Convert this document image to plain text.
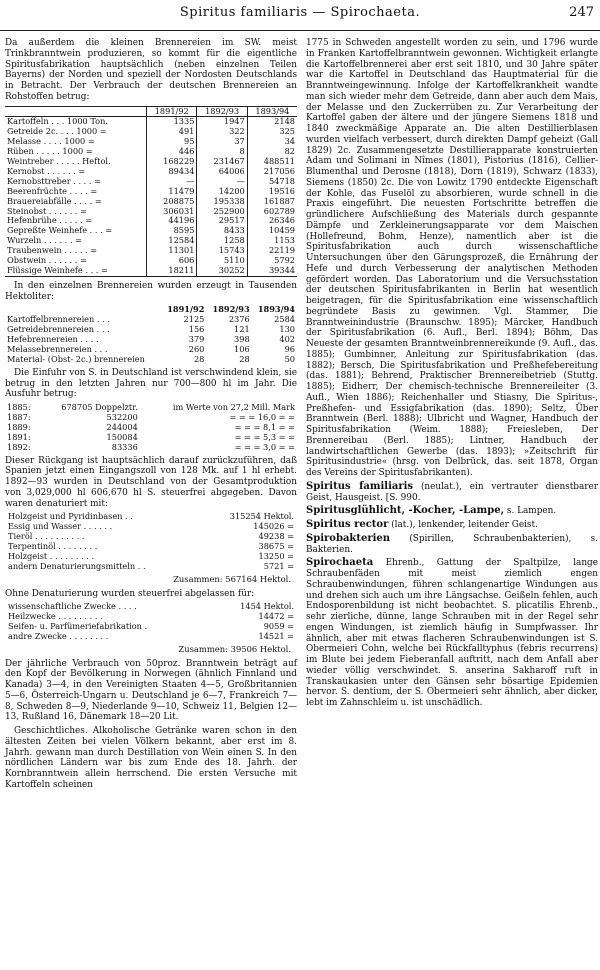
Spiritus familiaris — Spirochaeta.	247

Da außerdem die kleinen Brennereien im SW. meist Trinkbranntwein produzieren, so kommt für die eigentliche Spiritusfabrikation hauptsächlich (neben einzelnen Teilen Bayerns) der Norden und speziell der Nordosten Deutschlands in Betracht. Der Verbrauch der deutschen Brennereien an Rohstoffen betrug:

	1891/92	1892/93	1893/94
Kartoffeln . . . 1000 Ton.	1335	1947	2148
Getreide 2c. . . . 1000 =	491	322	325
Melasse . . . . 1000 =	95	37	34
Rüben . . . . . 1000 =	446	8	82
Weintreber . . . . . Heftol.	168229	231467	488511
Kernobst . . . . . . =	89434	64006	217056
Kernobsttreber . . . . =	—	—	54718
Beerenfrüchte . . . . =	11479	14200	19516
Brauereiabfälle . . . . =	208875	195338	161887
Steinobst . . . . . . =	306031	252900	602789
Hefenbrühe . . . . . =	44196	29517	26346
Gepreßte Weinhefe . . . =	8595	8433	10459
Wurzeln . . . . . . =	12584	1258	1153
Traubenwein . . . . . =	11301	15743	22119
Obstwein . . . . . . =	606	5110	5792
Flüssige Weinhefe . . . =	18211	30252	39344

In den einzelnen Brennereien wurden erzeugt in Tausenden Hektoliter:

	1891/92	1892/93	1893/94
Kartoffelbrennereien . . .	2125	2376	2584
Getreidebrennereien . . .	156	121	130
Hefebrennereien . . . .	379	398	402
Melassebrennereien . . .	260	106	96
Material- (Obst- 2c.) brennereien	28	28	50

Die Einfuhr von S. in Deutschland ist verschwindend klein, sie betrug in den letzten Jahren nur 700—800 hl im Jahr. Die Ausfuhr betrug:

1885:	678705 Doppelztr.	im Werte von 27,2 Mill. Mark
1887:	532200	= = = 16,0 = =
1889:	244004	= = = 8,1 = =
1891:	150084	= = = 5,3 = =
1892:	83336	= = = 3,0 = =

Dieser Rückgang ist hauptsächlich darauf zurückzuführen, daß Spanien jetzt einen Eingangszoll von 128 Mk. auf 1 hl erhebt. 1892—93 wurden in Deutschland von der Gesamtproduktion von 3,029,000 hl 606,670 hl S. steuerfrei abgegeben. Davon waren denaturiert mit:

Holzgeist und Pyridinbasen . .	315254 Hektol.
Essig und Wasser . . . . . .	145026 =
Tieröl . . . . . . . . . .	49238 =
Terpentinöl . . . . . . . .	38675 =
Holzgeist . . . . . . . . .	13250 =
andern Denaturierungsmitteln . .	5721 =
Zusammen: 567164 Hektol.

Ohne Denaturierung wurden steuerfrei abgelassen für:

wissenschaftliche Zwecke . . . .	1454 Hektol.
Heilzwecke . . . . . . . . .	14472 =
Seifen- u. Parfümeriefabrikation .	9059 =
andre Zwecke . . . . . . . .	14521 =
Zusammen: 39506 Hektol.

Der jährliche Verbrauch von 50proz. Branntwein beträgt auf den Kopf der Bevölkerung in Norwegen (ähnlich Finnland und Kanada) 3—4, in den Vereinigten Staaten 4—5, Großbritannien 5—6, Österreich-Ungarn u. Deutschland je 6—7, Frankreich 7—8, Schweden 8—9, Niederlande 9—10, Schweiz 11, Belgien 12—13, Rußland 16, Dänemark 18—20 Lit.

Geschichtliches. Alkoholische Getränke waren schon in den ältesten Zeiten bei vielen Völkern bekannt, aber erst im 8. Jahrh. gewann man durch Destillation von Wein einen S. In den nördlichen Ländern war bis zum Ende des 18. Jahrh. der Kornbranntwein allein herrschend. Die ersten Versuche mit Kartoffeln scheinen

1775 in Schweden angestellt worden zu sein, und 1796 wurde in Franken Kartoffelbranntwein gewonnen. Wichtigkeit erlangte die Kartoffelbrennerei aber erst seit 1810, und 30 Jahre später war die Kartoffel in Deutschland das Hauptmaterial für die Branntweingewinnung. Infolge der Kartoffelkrankheit wandte man sich wieder mehr dem Getreide, dann aber auch dem Mais, der Melasse und den Zuckerrüben zu. Zur Verarbeitung der Kartoffel gaben der ältere und der jüngere Siemens 1818 und 1840 zweckmäßige Apparate an. Die alten Destillierblasen wurden vielfach verbessert, durch direkten Dampf geheizt (Gall 1829) 2c. Zusammengesetzte Destillierapparate konstruierten Adam und Solimani in Nîmes (1801), Pistorius (1816), Cellier-Blumenthal und Derosne (1818), Dorn (1819), Schwarz (1833), Siemens (1850) 2c. Die von Lowitz 1790 entdeckte Eigenschaft der Kohle, das Fuselöl zu absorbieren, wurde schnell in die Praxis eingeführt. Die neuesten Fortschritte betreffen die gründlichere Aufschließung des Materials durch gespannte Dämpfe und Zerkleinerungsapparate vor dem Maischen (Hollefreund, Bohm, Henze), namentlich aber ist die Spiritusfabrikation auch durch wissenschaftliche Untersuchungen über den Gärungsprozeß, die Ernährung der Hefe und durch Verbesserung der analytischen Methoden gefördert worden. Das Laboratorium und die Versuchsstation der deutschen Spiritusfabrikanten in Berlin hat wesentlich beigetragen, für die Spiritusfabrikation eine wissenschaftlich begründete Basis zu gewinnen. Vgl. Stammer, Die Branntweinindustrie (Braunschw. 1895); Märcker, Handbuch der Spiritusfabrikation (6. Aufl., Berl. 1894); Böhm, Das Neueste der gesamten Branntweinbrennereikunde (9. Aufl., das. 1885); Gumbinner, Anleitung zur Spiritusfabrikation (das. 1882); Bersch, Die Spiritusfabrikation und Preßhefebereitung (das. 1881); Behrend, Praktischer Brennereibetrieb (Stuttg. 1885); Eidherr, Der chemisch-technische Brennereileiter (3. Aufl., Wien 1886); Reichenhaller und Stiasny, Die Spiritus-, Preßhefen- und Essigfabrikation (das. 1890); Seltz, Über Branntwein (Berl. 1888); Ulbricht und Wagner, Handbuch der Spiritusfabrikation (Weim. 1888); Freiesleben, Der Brennereibau (Berl. 1885); Lintner, Handbuch der landwirtschaftlichen Gewerbe (das. 1893); »Zeitschrift für Spiritusindustrie« (hrsg. von Delbrück, das. seit 1878, Organ des Vereins der Spiritusfabrikanten).

Spiritus familiaris (neulat.), ein vertrauter dienstbarer Geist, Hausgeist. [S. 990.

Spiritusglühlicht, -Kocher, -Lampe, s. Lampen.

Spiritus rector (lat.), lenkender, leitender Geist.

Spirobakterien (Spirillen, Schraubenbakterien), s. Bakterien.

Spirochaeta Ehrenb., Gattung der Spaltpilze, lange Schraubenfäden mit meist ziemlich engen Schraubenwindungen, führen schlangenartige Windungen aus und drehen sich auch um ihre Längsachse. Geißeln fehlen, auch Endosporenbildung ist nicht beobachtet. S. plicatilis Ehrenb., sehr zierliche, dünne, lange Schrauben mit in der Regel sehr engen Windungen, ist ziemlich häufig in Sumpfwasser. Ihr ähnlich, aber mit etwas flacheren Schraubenwindungen ist S. Obermeieri Cohn, welche bei Rückfalltyphus (febris recurrens) im Blute bei jedem Fieberanfall auftritt, nach dem Anfall aber wieder völlig verschwindet. S. anserina Sakharoff ruft in Transkaukasien unter den Gänsen sehr bösartige Epidemien hervor. S. dentium, der S. Obermeieri sehr ähnlich, aber dicker, lebt im Zahnschleim u. ist unschädlich.
